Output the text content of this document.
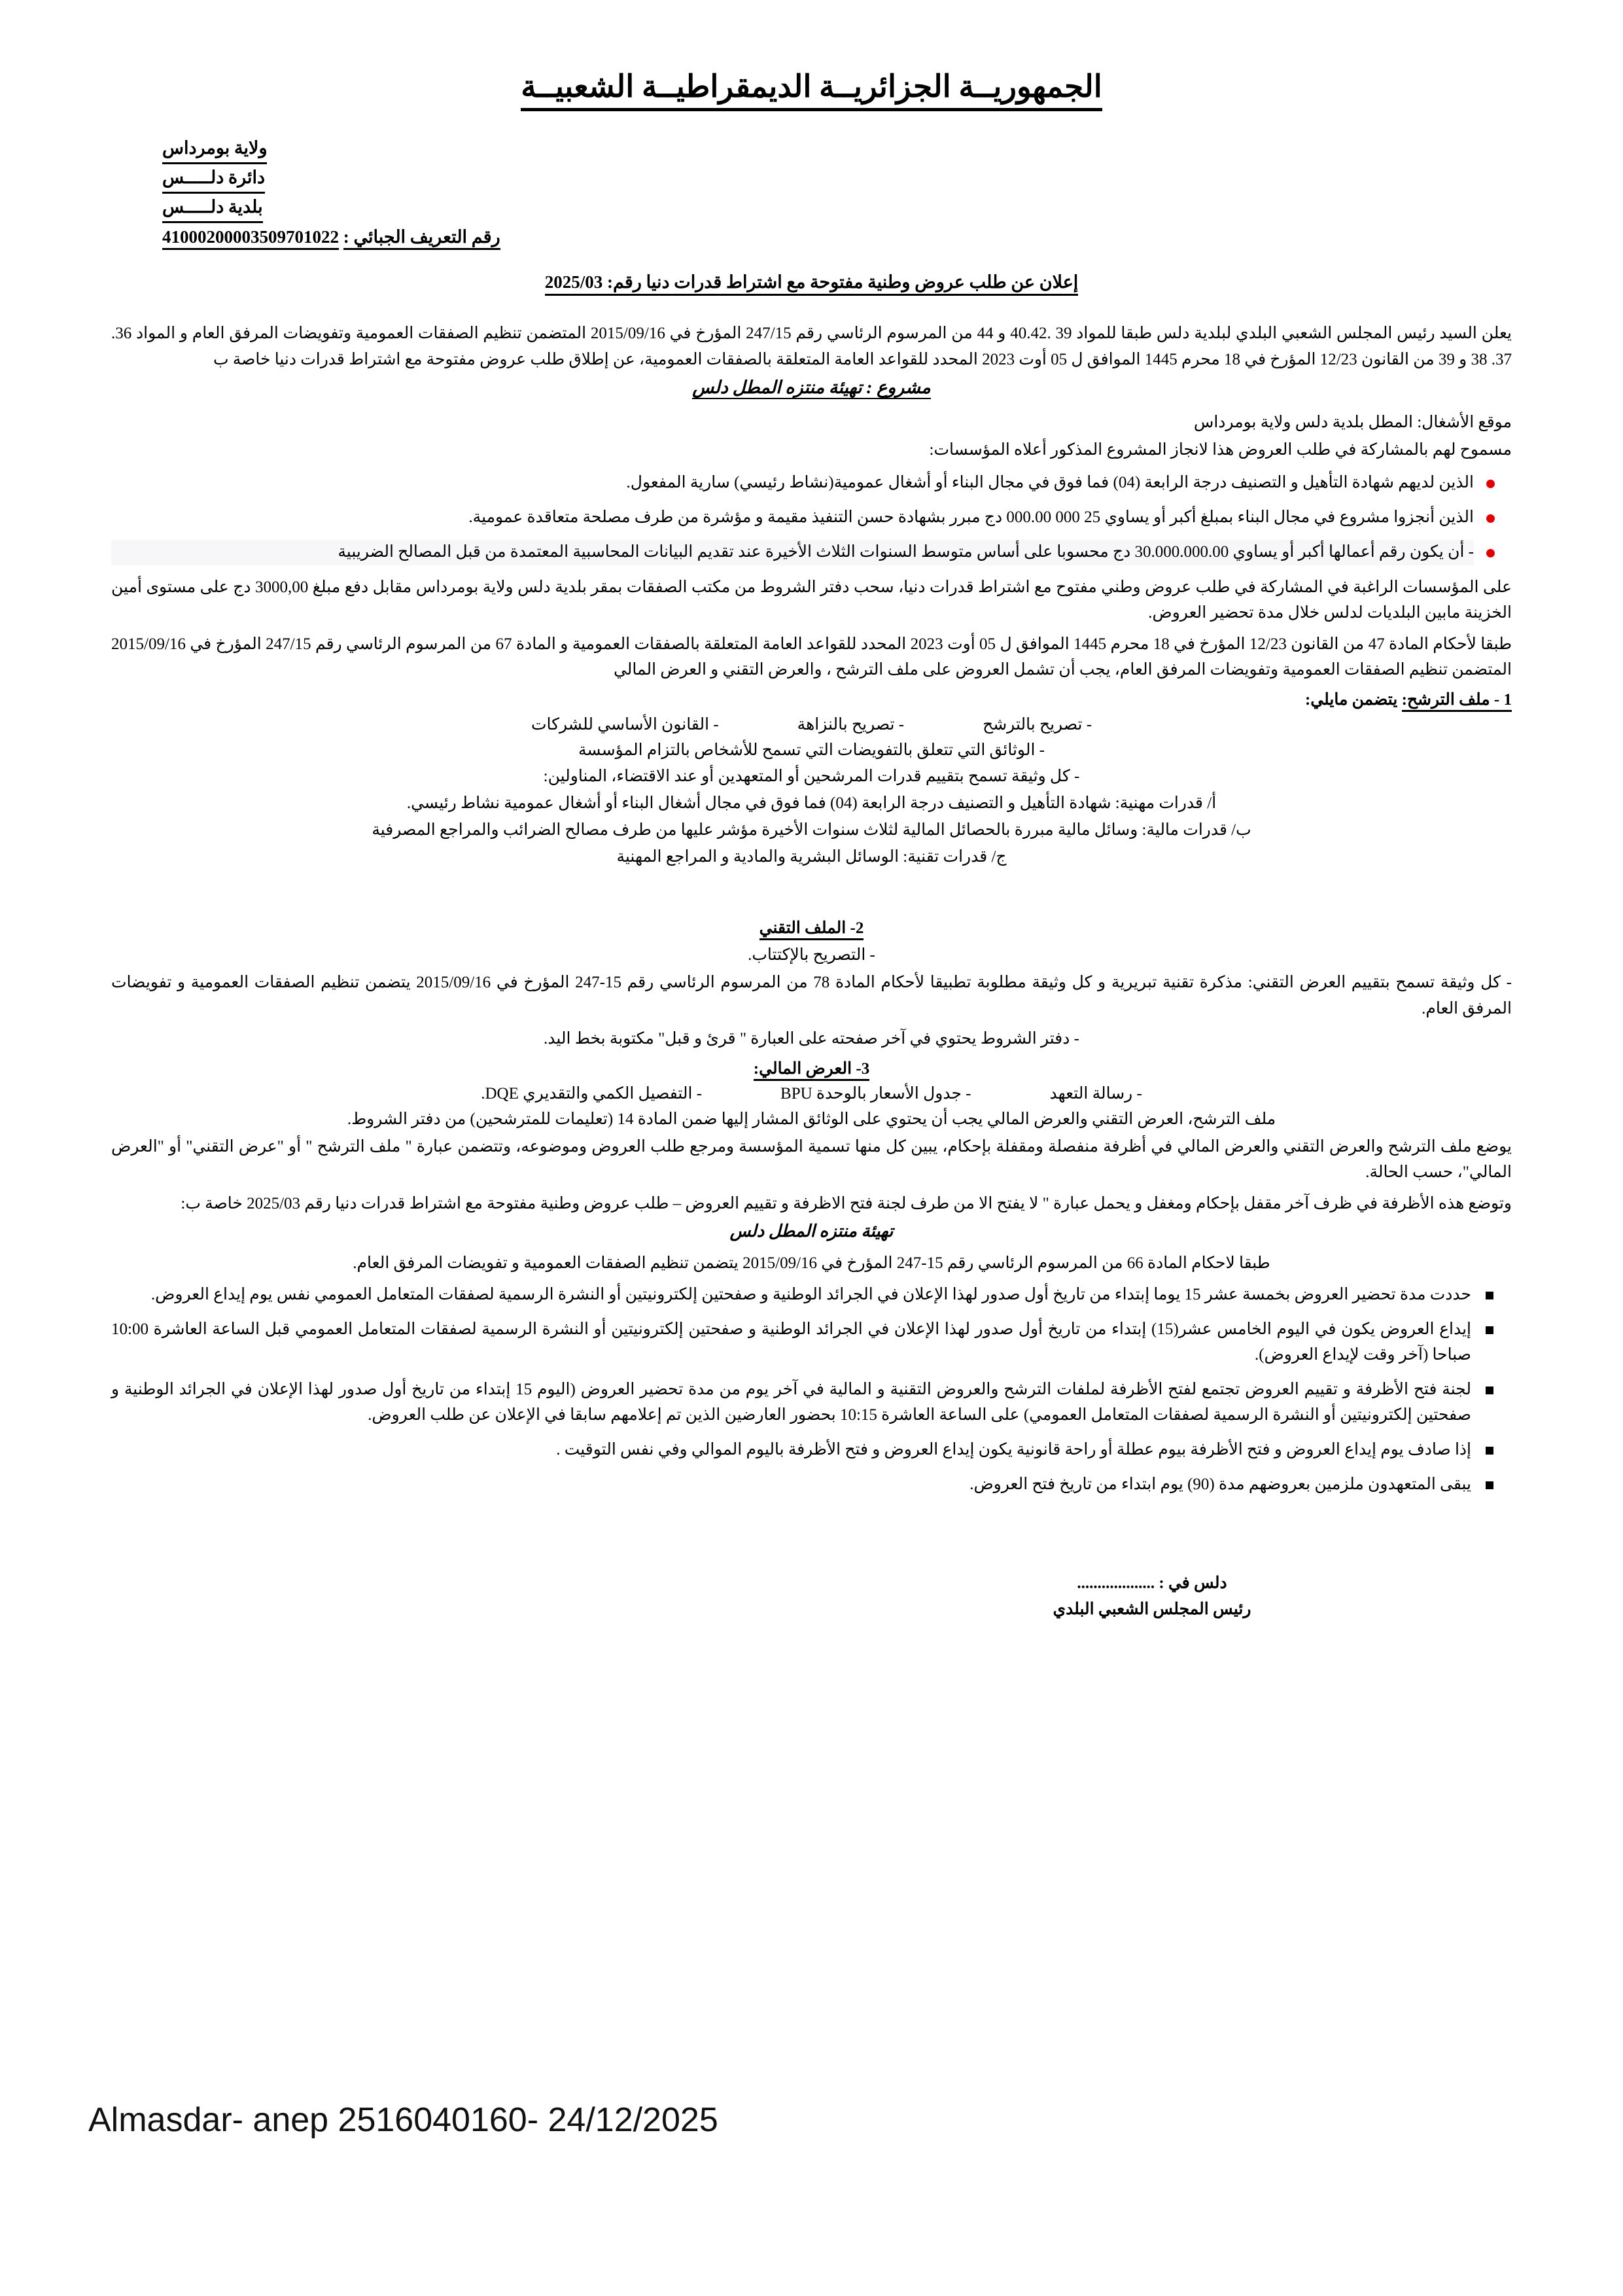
الجمهوريــة الجزائريــة الديمقراطيــة الشعبيــة
ولاية بومرداس
دائرة دلـــــس
بلدية دلـــــس
رقم التعريف الجبائي : 41000200003509701022
إعلان عن طلب عروض وطنية مفتوحة مع اشتراط قدرات دنيا رقم: 2025/03

يعلن السيد رئيس المجلس الشعبي البلدي لبلدية دلس طبقا للمواد 39 .40.42 و 44 من المرسوم الرئاسي رقم 247/15 المؤرخ في 2015/09/16 المتضمن تنظيم الصفقات العمومية وتفويضات المرفق العام و المواد 36. 37. 38 و 39 من القانون 12/23 المؤرخ في 18 محرم 1445 الموافق ل 05 أوت 2023 المحدد للقواعد العامة المتعلقة بالصفقات العمومية، عن إطلاق طلب عروض مفتوحة مع اشتراط قدرات دنيا خاصة ب

مشروع : تهيئة منتزه المطل دلس

موقع الأشغال: المطل بلدية دلس ولاية بومرداس

مسموح لهم بالمشاركة في طلب العروض هذا لانجاز المشروع المذكور أعلاه المؤسسات:

الذين لديهم شهادة التأهيل و التصنيف درجة الرابعة (04) فما فوق في مجال البناء أو أشغال عمومية(نشاط رئيسي) سارية المفعول.
الذين أنجزوا مشروع في مجال البناء بمبلغ أكبر أو يساوي 25 000 000.00 دج مبرر بشهادة حسن التنفيذ مقيمة و مؤشرة من طرف مصلحة متعاقدة عمومية.
- أن يكون رقم أعمالها أكبر أو يساوي 30.000.000.00 دج محسوبا على أساس متوسط السنوات الثلاث الأخيرة عند تقديم البيانات المحاسبية المعتمدة من قبل المصالح الضريبية

على المؤسسات الراغبة في المشاركة في طلب عروض وطني مفتوح مع اشتراط قدرات دنيا، سحب دفتر الشروط من مكتب الصفقات بمقر بلدية دلس ولاية بومرداس مقابل دفع مبلغ 3000,00 دج على مستوى أمين الخزينة مابين البلديات لدلس خلال مدة تحضير العروض.

طبقا لأحكام المادة 47 من القانون 12/23 المؤرخ في 18 محرم 1445 الموافق ل 05 أوت 2023 المحدد للقواعد العامة المتعلقة بالصفقات العمومية و المادة 67 من المرسوم الرئاسي رقم 247/15 المؤرخ في 2015/09/16 المتضمن تنظيم الصفقات العمومية وتفويضات المرفق العام، يجب أن تشمل العروض على ملف الترشح ، والعرض التقني و العرض المالي

1 - ملف الترشح: يتضمن مايلي:
- تصريح بالترشح
- تصريح بالنزاهة
- القانون الأساسي للشركات
- الوثائق التي تتعلق بالتفويضات التي تسمح للأشخاص بالتزام المؤسسة
- كل وثيقة تسمح بتقييم قدرات المرشحين أو المتعهدين أو عند الاقتضاء، المناولين:
أ/ قدرات مهنية: شهادة التأهيل و التصنيف درجة الرابعة (04) فما فوق في مجال أشغال البناء أو أشغال عمومية نشاط رئيسي.
ب/ قدرات مالية: وسائل مالية مبررة بالحصائل المالية لثلاث سنوات الأخيرة مؤشر عليها من طرف مصالح الضرائب والمراجع المصرفية
ج/ قدرات تقنية: الوسائل البشرية والمادية و المراجع المهنية
2- الملف التقني
- التصريح بالإكتتاب.

- كل وثيقة تسمح بتقييم العرض التقني: مذكرة تقنية تبريرية و كل وثيقة مطلوبة تطبيقا لأحكام المادة 78 من المرسوم الرئاسي رقم 15-247 المؤرخ في 2015/09/16 يتضمن تنظيم الصفقات العمومية و تفويضات المرفق العام.

- دفتر الشروط يحتوي في آخر صفحته على العبارة " قرئ و قبل" مكتوبة بخط اليد.
3- العرض المالي:
- رسالة التعهد
- جدول الأسعار بالوحدة BPU
- التفصيل الكمي والتقديري DQE.
ملف الترشح، العرض التقني والعرض المالي يجب أن يحتوي على الوثائق المشار إليها ضمن المادة 14 (تعليمات للمترشحين) من دفتر الشروط.

يوضع ملف الترشح والعرض التقني والعرض المالي في أظرفة منفصلة ومقفلة بإحكام، يبين كل منها تسمية المؤسسة ومرجع طلب العروض وموضوعه، وتتضمن عبارة " ملف الترشح " أو "عرض التقني" أو "العرض المالي"، حسب الحالة.

وتوضع هذه الأظرفة في ظرف آخر مقفل بإحكام ومغفل و يحمل عبارة " لا يفتح الا من طرف لجنة فتح الاظرفة و تقييم العروض – طلب عروض وطنية مفتوحة مع اشتراط قدرات دنيا رقم 2025/03 خاصة ب:

تهيئة منتزه المطل دلس

طبقا لاحكام المادة 66 من المرسوم الرئاسي رقم 15-247 المؤرخ في 2015/09/16 يتضمن تنظيم الصفقات العمومية و تفويضات المرفق العام.

حددت مدة تحضير العروض بخمسة عشر 15 يوما إبتداء من تاريخ أول صدور لهذا الإعلان في الجرائد الوطنية و صفحتين إلكترونيتين أو النشرة الرسمية لصفقات المتعامل العمومي نفس يوم إيداع العروض.
إيداع العروض يكون في اليوم الخامس عشر(15) إبتداء من تاريخ أول صدور لهذا الإعلان في الجرائد الوطنية و صفحتين إلكترونيتين أو النشرة الرسمية لصفقات المتعامل العمومي قبل الساعة العاشرة 10:00 صباحا (آخر وقت لإيداع العروض).
لجنة فتح الأظرفة و تقييم العروض تجتمع لفتح الأظرفة لملفات الترشح والعروض التقنية و المالية في آخر يوم من مدة تحضير العروض (اليوم 15 إبتداء من تاريخ أول صدور لهذا الإعلان في الجرائد الوطنية و صفحتين إلكترونيتين أو النشرة الرسمية لصفقات المتعامل العمومي) على الساعة العاشرة 10:15 بحضور العارضين الذين تم إعلامهم سابقا في الإعلان عن طلب العروض.
إذا صادف يوم إيداع العروض و فتح الأظرفة بيوم عطلة أو راحة قانونية يكون إيداع العروض و فتح الأظرفة باليوم الموالي وفي نفس التوقيت .
يبقى المتعهدون ملزمين بعروضهم مدة (90) يوم ابتداء من تاريخ فتح العروض.
دلس في : ...................
رئيس المجلس الشعبي البلدي
Almasdar- anep 2516040160- 24/12/2025
